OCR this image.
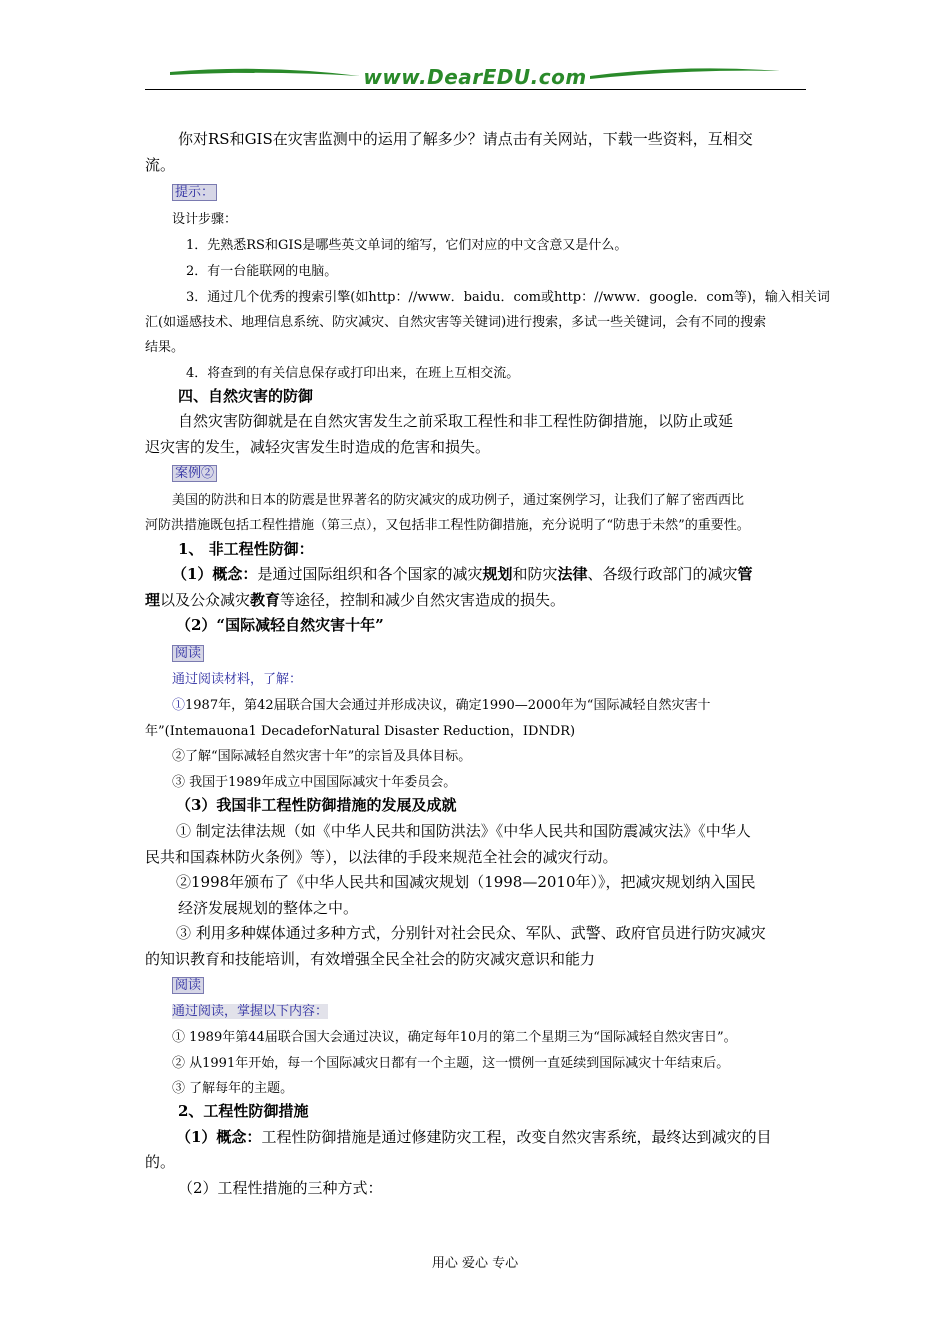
www.DearEDU.com
你对RS和GIS在灾害监测中的运用了解多少？请点击有关网站，下载一些资料，互相交
流。
提示：
设计步骤：
1．先熟悉RS和GIS是哪些英文单词的缩写，它们对应的中文含意又是什么。
2．有一台能联网的电脑。
3．通过几个优秀的搜索引擎(如http：//www．baidu．com或http：//www．google．com等)，输入相关词
汇(如遥感技术、地理信息系统、防灾减灾、自然灾害等关键词)进行搜索，多试一些关键词，会有不同的搜索
结果。
4．将查到的有关信息保存或打印出来，在班上互相交流。
四、自然灾害的防御
自然灾害防御就是在自然灾害发生之前采取工程性和非工程性防御措施，以防止或延
迟灾害的发生，减轻灾害发生时造成的危害和损失。
案例②
美国的防洪和日本的防震是世界著名的防灾减灾的成功例子，通过案例学习，让我们了解了密西西比
河防洪措施既包括工程性措施（第三点），又包括非工程性防御措施，充分说明了“防患于未然”的重要性。
1、 非工程性防御：
（1）概念：是通过国际组织和各个国家的减灾规划和防灾法律、各级行政部门的减灾管
理以及公众减灾教育等途径，控制和减少自然灾害造成的损失。
（2）“国际减轻自然灾害十年”
阅读
通过阅读材料，了解：
①1987年，第42届联合国大会通过并形成决议，确定1990—2000年为“国际减轻自然灾害十
年”(Intemauona1 DecadeforNatural Disaster Reduction，IDNDR)
②了解“国际减轻自然灾害十年”的宗旨及具体目标。
③ 我国于1989年成立中国国际减灾十年委员会。
（3）我国非工程性防御措施的发展及成就
① 制定法律法规（如《中华人民共和国防洪法》《中华人民共和国防震减灾法》《中华人
民共和国森林防火条例》等），以法律的手段来规范全社会的减灾行动。
②1998年颁布了《中华人民共和国减灾规划（1998—2010年）》，把减灾规划纳入国民
经济发展规划的整体之中。
③ 利用多种媒体通过多种方式，分别针对社会民众、军队、武警、政府官员进行防灾减灾
的知识教育和技能培训，有效增强全民全社会的防灾减灾意识和能力
阅读
通过阅读，掌握以下内容：
① 1989年第44届联合国大会通过决议，确定每年10月的第二个星期三为“国际减轻自然灾害日”。
② 从1991年开始，每一个国际减灾日都有一个主题，这一惯例一直延续到国际减灾十年结束后。
③ 了解每年的主题。
2、工程性防御措施
（1）概念：工程性防御措施是通过修建防灾工程，改变自然灾害系统，最终达到减灾的目
的。
（2）工程性措施的三种方式：
用心 爱心 专心
